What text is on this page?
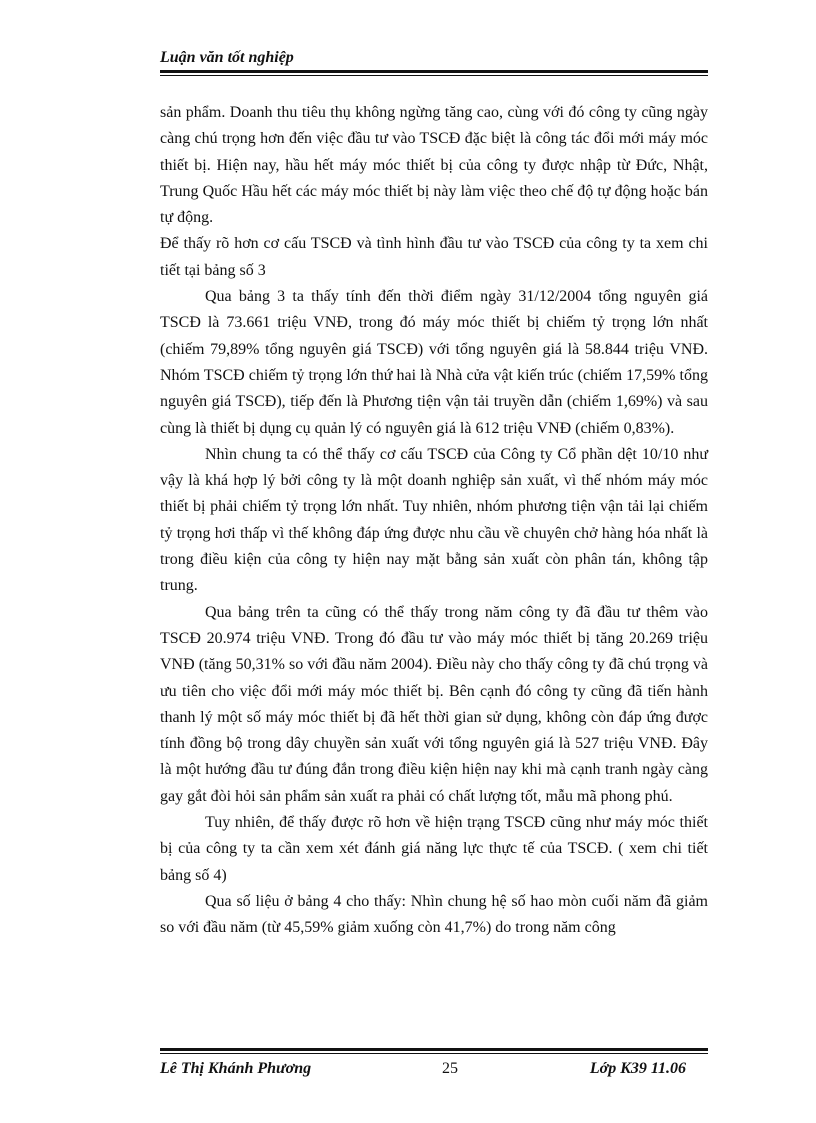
Luận văn tốt nghiệp

sản phẩm. Doanh thu tiêu thụ không ngừng tăng cao, cùng với đó công ty cũng ngày càng chú trọng hơn đến việc đầu tư vào TSCĐ đặc biệt là công tác đổi mới máy móc thiết bị. Hiện nay, hầu hết máy móc thiết bị của công ty được nhập từ Đức, Nhật, Trung Quốc Hầu hết các máy móc thiết bị này làm việc theo chế độ tự động hoặc bán tự động.

Để thấy rõ hơn cơ cấu TSCĐ và tình hình đầu tư vào TSCĐ của công ty ta xem chi tiết tại bảng số 3

Qua bảng 3 ta thấy tính đến thời điểm ngày 31/12/2004 tổng nguyên giá TSCĐ là 73.661 triệu VNĐ, trong đó máy móc thiết bị chiếm tỷ trọng lớn nhất (chiếm 79,89% tổng nguyên giá TSCĐ) với tổng nguyên giá là 58.844 triệu VNĐ. Nhóm TSCĐ chiếm tỷ trọng lớn thứ hai là Nhà cửa vật kiến trúc (chiếm 17,59% tổng nguyên giá TSCĐ), tiếp đến là Phương tiện vận tải truyền dẫn (chiếm 1,69%) và sau cùng là thiết bị dụng cụ quản lý có nguyên giá là 612 triệu VNĐ (chiếm 0,83%).

Nhìn chung ta có thể thấy cơ cấu TSCĐ của Công ty Cổ phần dệt 10/10 như vậy là khá hợp lý bởi công ty là một doanh nghiệp sản xuất, vì thế nhóm máy móc thiết bị phải chiếm tỷ trọng lớn nhất. Tuy nhiên, nhóm phương tiện vận tải lại chiếm tỷ trọng hơi thấp vì thế không đáp ứng được nhu cầu về chuyên chở hàng hóa nhất là trong điều kiện của công ty hiện nay mặt bằng sản xuất còn phân tán, không tập trung.

Qua bảng trên ta cũng có thể thấy trong năm công ty đã đầu tư thêm vào TSCĐ 20.974 triệu VNĐ. Trong đó đầu tư vào máy móc thiết bị tăng 20.269 triệu VNĐ (tăng 50,31% so với đầu năm 2004). Điều này cho thấy công ty đã chú trọng và ưu tiên cho việc đổi mới máy móc thiết bị. Bên cạnh đó công ty cũng đã tiến hành thanh lý một số máy móc thiết bị đã hết thời gian sử dụng, không còn đáp ứng được tính đồng bộ trong dây chuyền sản xuất với tổng nguyên giá là 527 triệu VNĐ. Đây là một hướng đầu tư đúng đắn trong điều kiện hiện nay khi mà cạnh tranh ngày càng gay gắt đòi hỏi sản phẩm sản xuất ra phải có chất lượng tốt, mẫu mã phong phú.

Tuy nhiên, để thấy được rõ hơn về hiện trạng TSCĐ cũng như máy móc thiết bị của công ty ta cần xem xét đánh giá năng lực thực tế của TSCĐ. ( xem chi tiết bảng số 4)

Qua số liệu ở bảng 4 cho thấy: Nhìn chung hệ số hao mòn cuối năm đã giảm so với đầu năm (từ 45,59% giảm xuống còn 41,7%) do trong năm công

Lê Thị Khánh Phương	25	Lớp K39 11.06
